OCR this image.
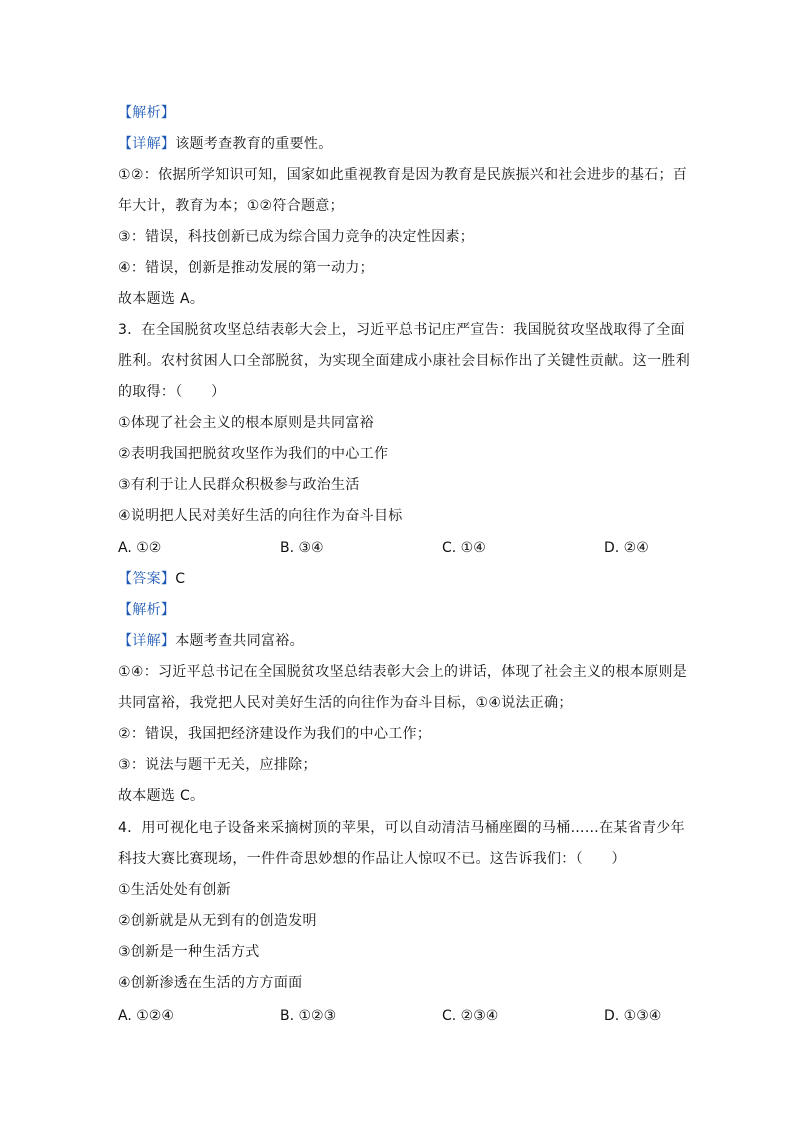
【解析】
【详解】该题考查教育的重要性。
①②：依据所学知识可知，国家如此重视教育是因为教育是民族振兴和社会进步的基石；百
年大计，教育为本；①②符合题意；
③：错误，科技创新已成为综合国力竞争的决定性因素；
④：错误，创新是推动发展的第一动力；
故本题选 A。
3．在全国脱贫攻坚总结表彰大会上，习近平总书记庄严宣告：我国脱贫攻坚战取得了全面
胜利。农村贫困人口全部脱贫，为实现全面建成小康社会目标作出了关键性贡献。这一胜利
的取得：（　　）
①体现了社会主义的根本原则是共同富裕
②表明我国把脱贫攻坚作为我们的中心工作
③有利于让人民群众积极参与政治生活
④说明把人民对美好生活的向往作为奋斗目标
A. ①②	B. ③④	C. ①④	D. ②④
【答案】C
【解析】
【详解】本题考查共同富裕。
①④：习近平总书记在全国脱贫攻坚总结表彰大会上的讲话，体现了社会主义的根本原则是
共同富裕，我党把人民对美好生活的向往作为奋斗目标，①④说法正确；
②：错误，我国把经济建设作为我们的中心工作；
③：说法与题干无关，应排除；
故本题选 C。
4．用可视化电子设备来采摘树顶的苹果，可以自动清洁马桶座圈的马桶……在某省青少年
科技大赛比赛现场，一件件奇思妙想的作品让人惊叹不已。这告诉我们：（　　）
①生活处处有创新
②创新就是从无到有的创造发明
③创新是一种生活方式
④创新渗透在生活的方方面面
A. ①②④	B. ①②③	C. ②③④	D. ①③④
